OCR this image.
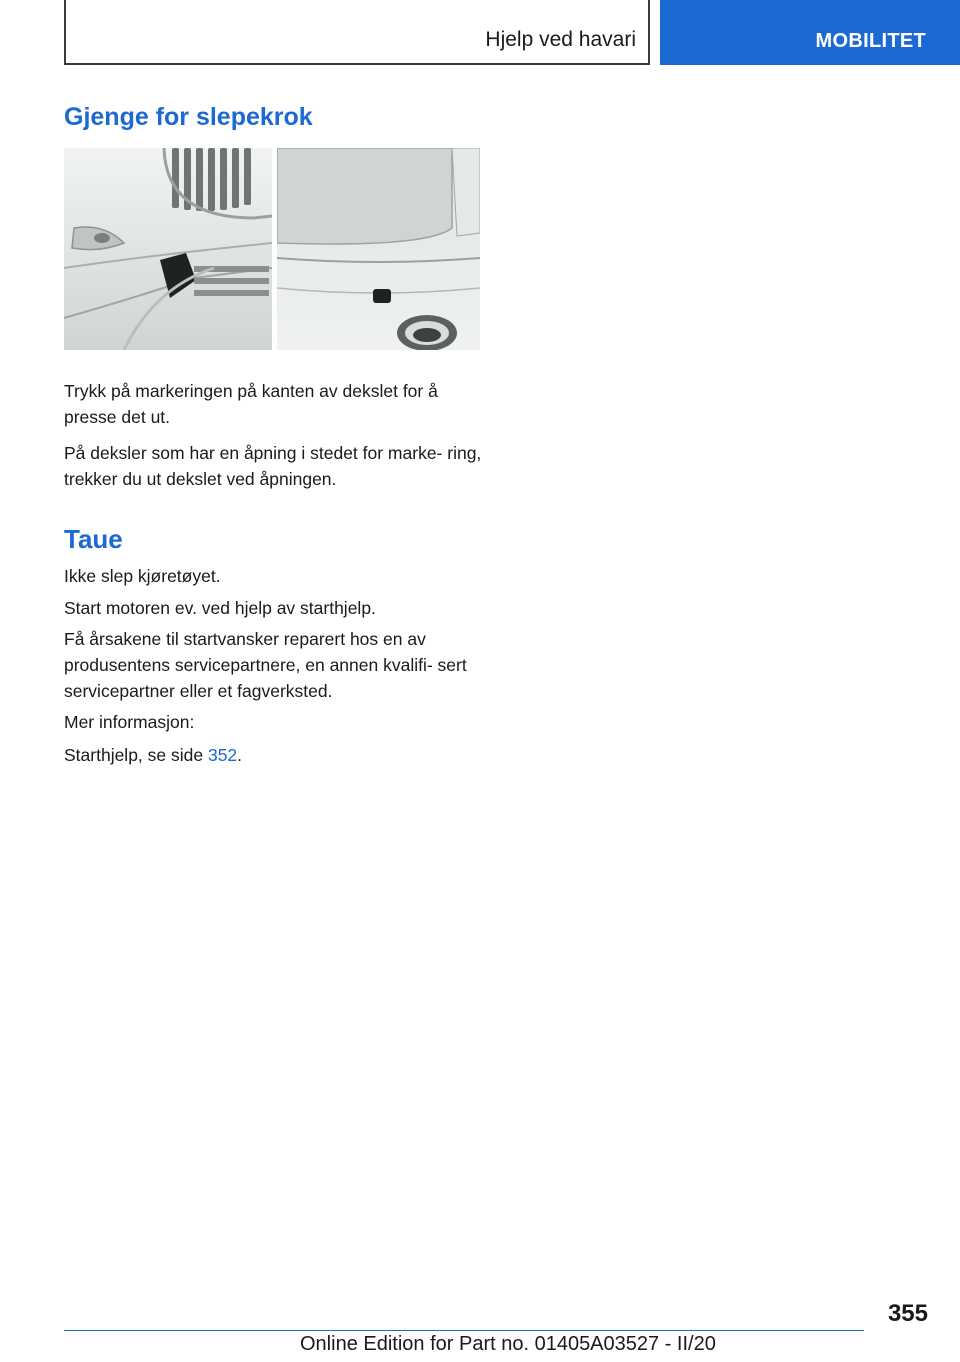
Hjelp ved havari	MOBILITET
Gjenge for slepekrok
Trykk på markeringen på kanten av dekslet for å presse det ut.
På deksler som har en åpning i stedet for marke‐ ring, trekker du ut dekslet ved åpningen.
Taue
Ikke slep kjøretøyet.
Start motoren ev. ved hjelp av starthjelp.
Få årsakene til startvansker reparert hos en av produsentens servicepartnere, en annen kvalifi‐ sert servicepartner eller et fagverksted.
Mer informasjon:
Starthjelp, se side 352.
355
Online Edition for Part no. 01405A03527 - II/20
